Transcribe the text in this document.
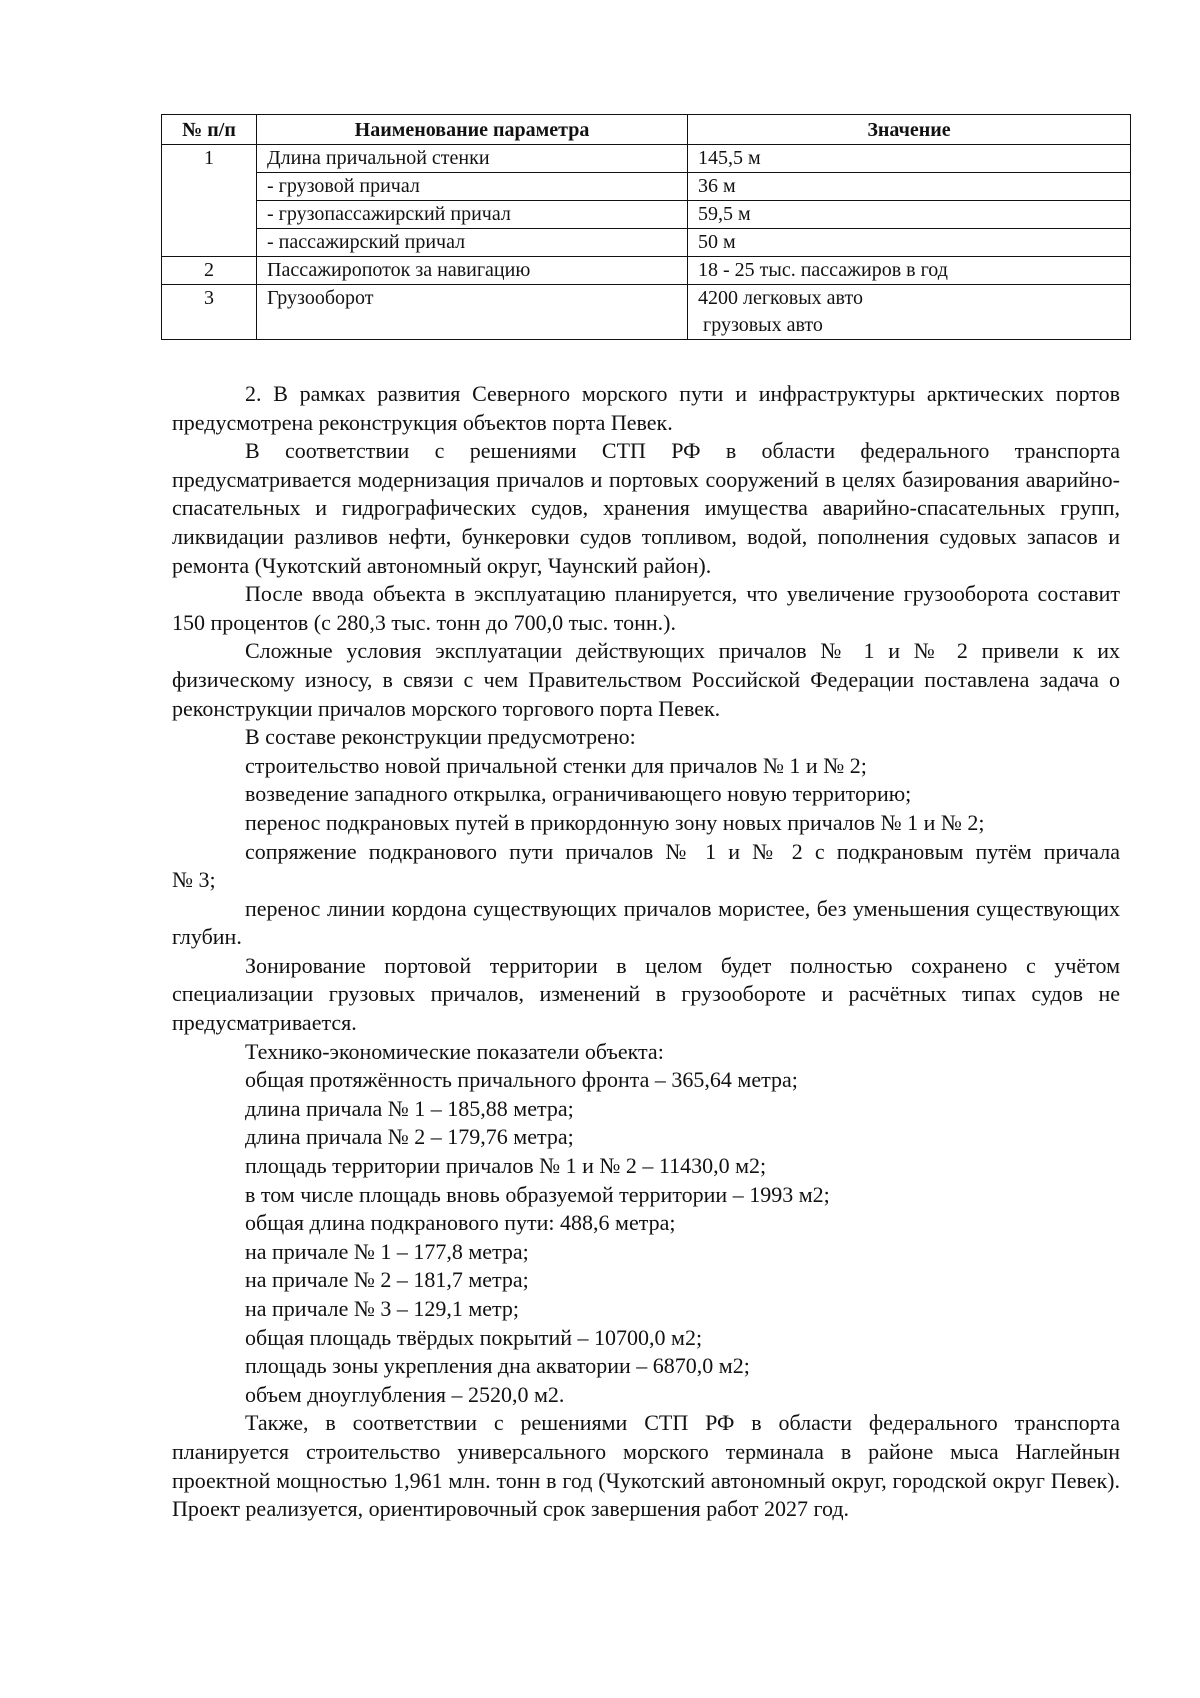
№ п/п	Наименование параметра	Значение
1	Длина причальной стенки	145,5 м
	- грузовой причал	36 м
	- грузопассажирский причал	59,5 м
	- пассажирский причал	50 м
2	Пассажиропоток за навигацию	18 - 25 тыс. пассажиров в год
3	Грузооборот	4200 легковых авто
грузовых авто

2. В рамках развития Северного морского пути и инфраструктуры арктических портов предусмотрена реконструкция объектов порта Певек.

В соответствии с решениями СТП РФ в области федерального транспорта предусматривается модернизация причалов и портовых сооружений в целях базирования аварийно-спасательных и гидрографических судов, хранения имущества аварийно-спасательных групп, ликвидации разливов нефти, бункеровки судов топливом, водой, пополнения судовых запасов и ремонта (Чукотский автономный округ, Чаунский район).

После ввода объекта в эксплуатацию планируется, что увеличение грузооборота составит 150 процентов (с 280,3 тыс. тонн до 700,0 тыс. тонн.).

Сложные условия эксплуатации действующих причалов № 1 и № 2 привели к их физическому износу, в связи с чем Правительством Российской Федерации поставлена задача о реконструкции причалов морского торгового порта Певек.

В составе реконструкции предусмотрено:

строительство новой причальной стенки для причалов № 1 и № 2;

возведение западного открылка, ограничивающего новую территорию;

перенос подкрановых путей в прикордонную зону новых причалов № 1 и № 2;

сопряжение подкранового пути причалов № 1 и № 2 с подкрановым путём причала

№ 3;

перенос линии кордона существующих причалов мористее, без уменьшения существующих глубин.

Зонирование портовой территории в целом будет полностью сохранено с учётом специализации грузовых причалов, изменений в грузообороте и расчётных типах судов не предусматривается.

Технико-экономические показатели объекта:

общая протяжённость причального фронта – 365,64 метра;

длина причала № 1 – 185,88 метра;

длина причала № 2 – 179,76 метра;

площадь территории причалов № 1 и № 2 – 11430,0 м2;

в том числе площадь вновь образуемой территории – 1993 м2;

общая длина подкранового пути: 488,6 метра;

на причале № 1 – 177,8 метра;

на причале № 2 – 181,7 метра;

на причале № 3 – 129,1 метр;

общая площадь твёрдых покрытий – 10700,0 м2;

площадь зоны укрепления дна акватории – 6870,0 м2;

объем дноуглубления – 2520,0 м2.

Также, в соответствии с решениями СТП РФ в области федерального транспорта планируется строительство универсального морского терминала в районе мыса Наглейнын проектной мощностью 1,961 млн. тонн в год (Чукотский автономный округ, городской округ Певек). Проект реализуется, ориентировочный срок завершения работ 2027 год.
